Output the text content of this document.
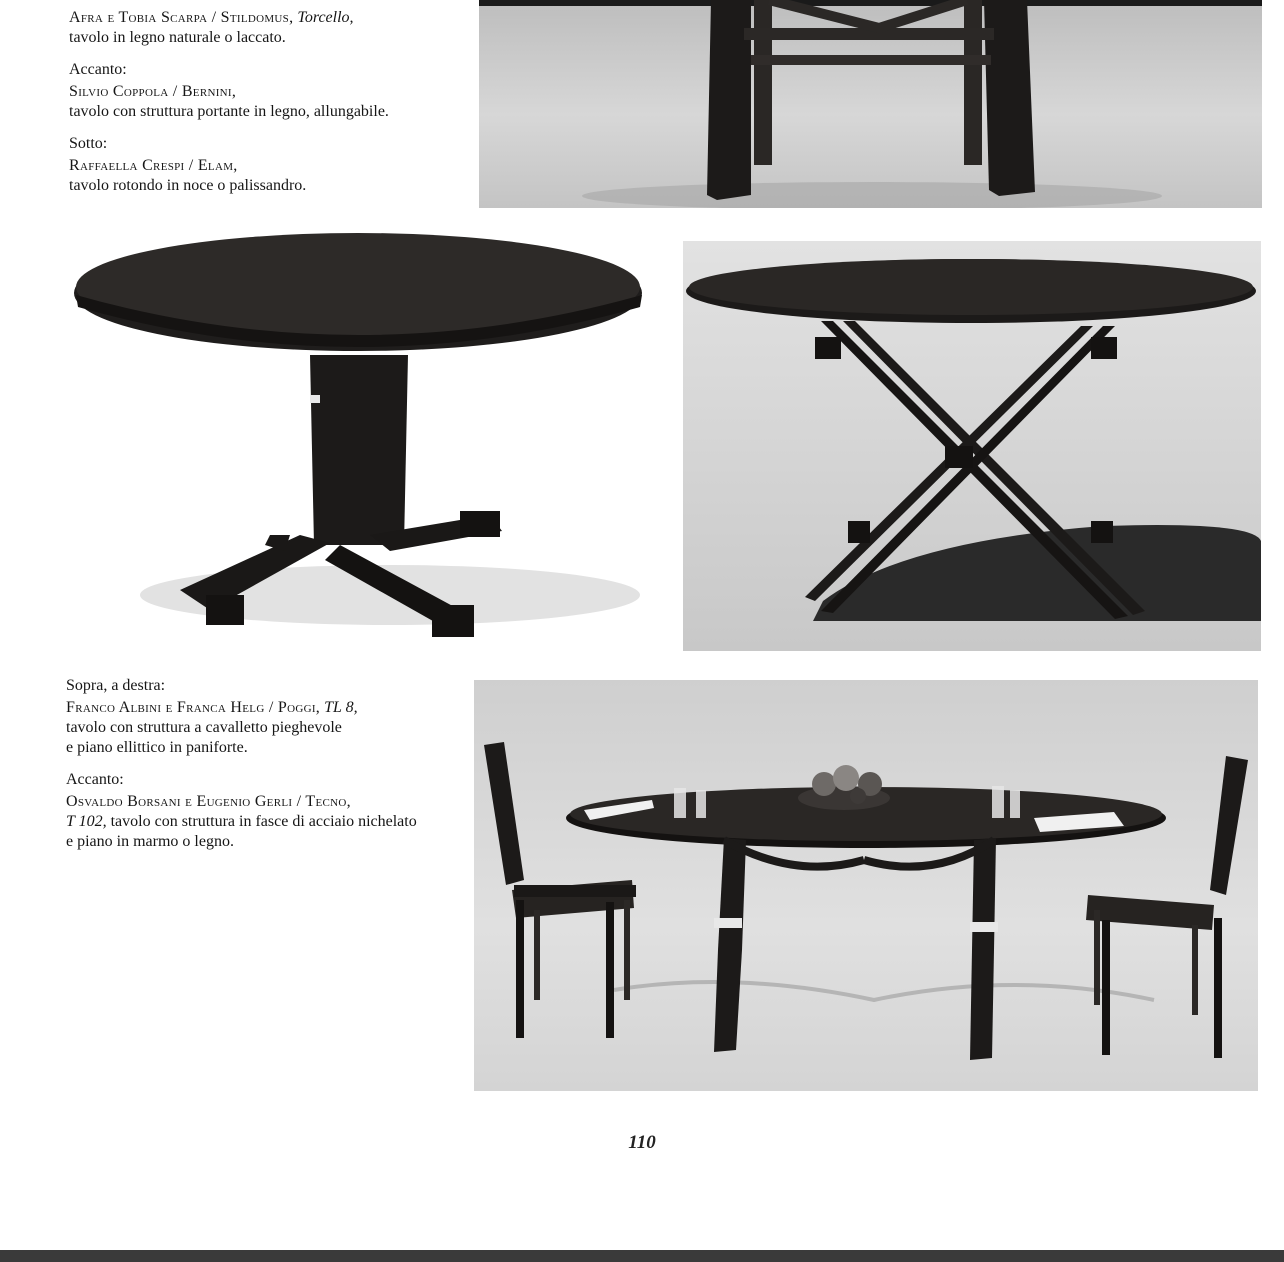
Afra e Tobia Scarpa / Stildomus, Torcello,
tavolo in legno naturale o laccato.
Accanto:
Silvio Coppola / Bernini,
tavolo con struttura portante in legno, allungabile.
Sotto:
Raffaella Crespi / Elam,
tavolo rotondo in noce o palissandro.
Sopra, a destra:
Franco Albini e Franca Helg / Poggi, TL 8,
tavolo con struttura a cavalletto pieghevole
e piano ellittico in paniforte.
Accanto:
Osvaldo Borsani e Eugenio Gerli / Tecno,
T 102, tavolo con struttura in fasce di acciaio nichelato
e piano in marmo o legno.
110
